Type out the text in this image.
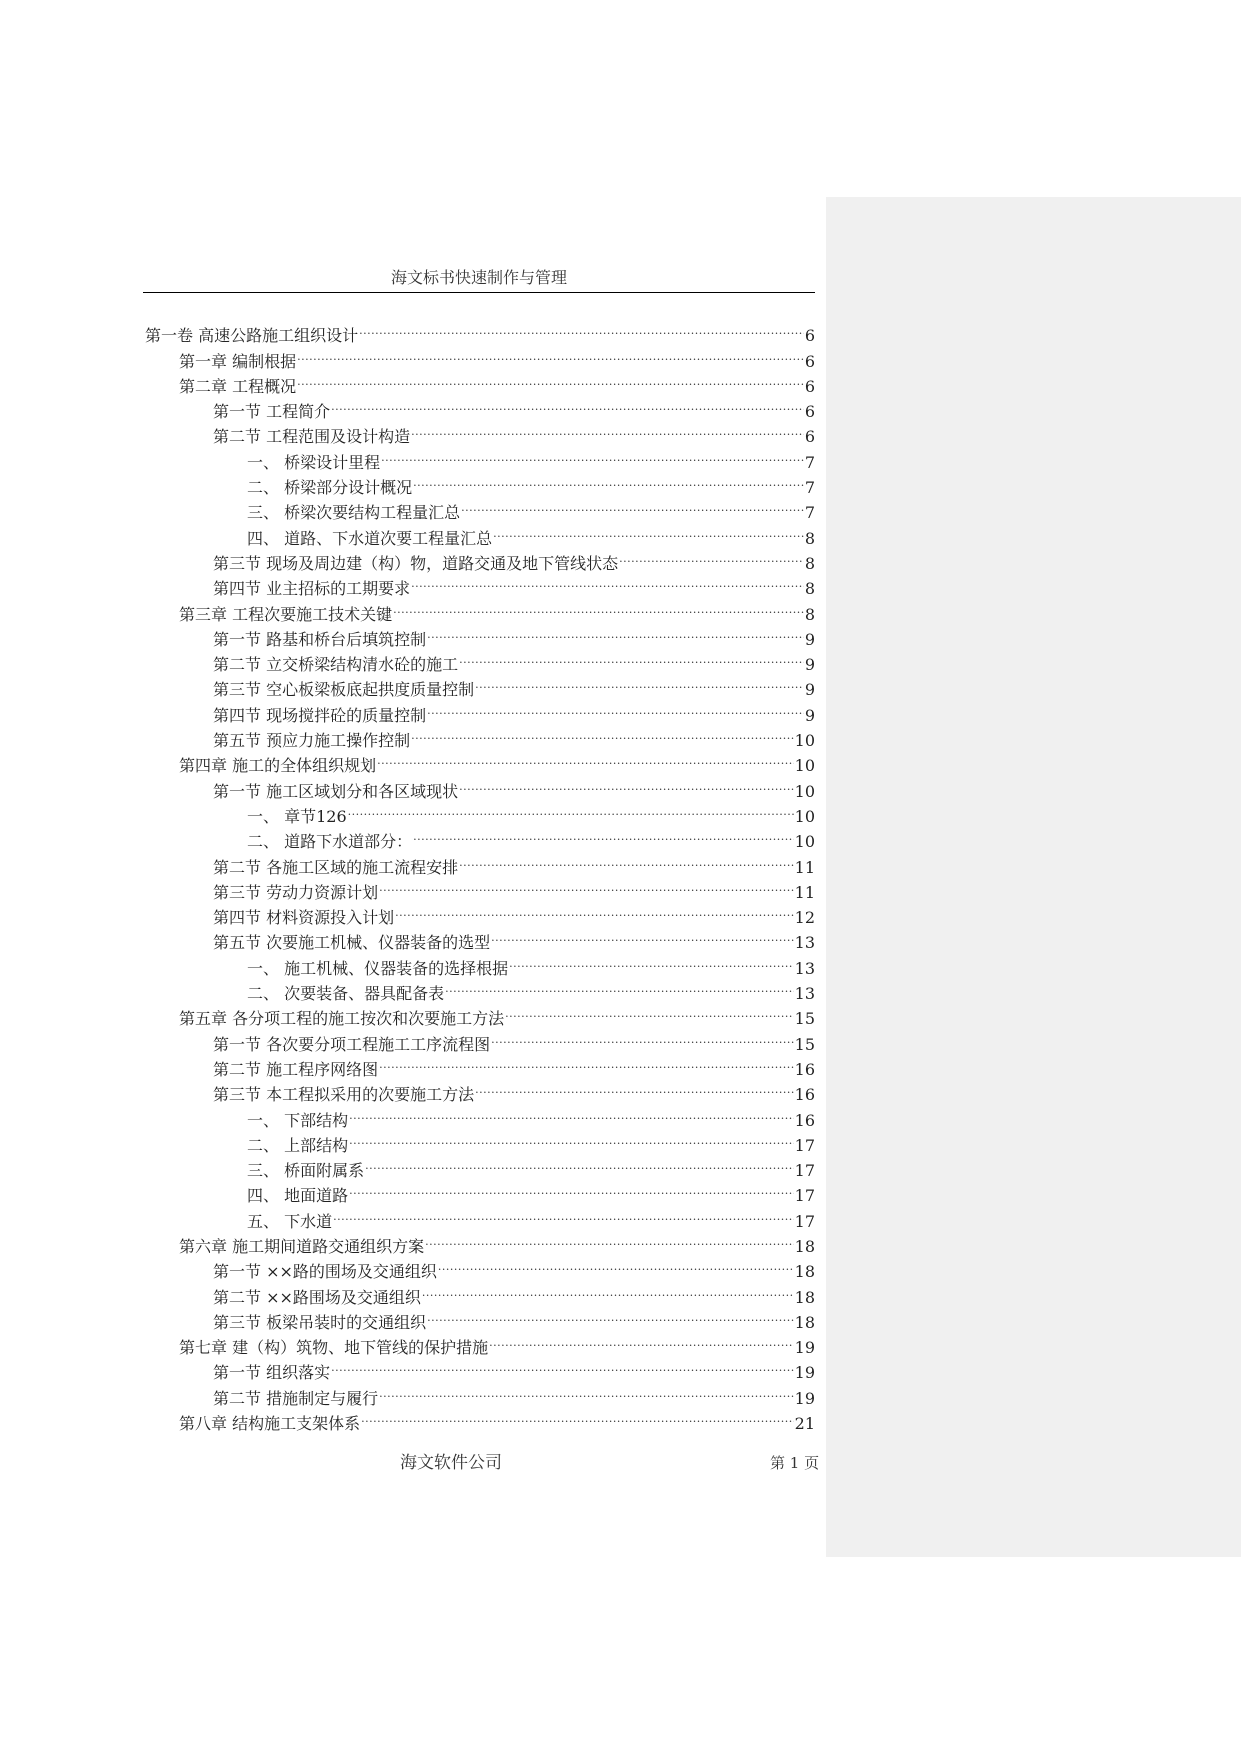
海文标书快速制作与管理
第一卷 高速公路施工组织设计 .....	6
第一章 编制根据 .....	6
第二章 工程概况 .....	6
第一节 工程简介 .....	6
第二节 工程范围及设计构造 .....	6
一、 桥梁设计里程 .....	7
二、 桥梁部分设计概况 .....	7
三、 桥梁次要结构工程量汇总 .....	7
四、 道路、下水道次要工程量汇总 .....	8
第三节 现场及周边建（构）物，道路交通及地下管线状态 .....	8
第四节 业主招标的工期要求 .....	8
第三章 工程次要施工技术关键 .....	8
第一节 路基和桥台后填筑控制 .....	9
第二节 立交桥梁结构清水砼的施工 .....	9
第三节 空心板梁板底起拱度质量控制 .....	9
第四节 现场搅拌砼的质量控制 .....	9
第五节 预应力施工操作控制 .....	10
第四章 施工的全体组织规划 .....	10
第一节 施工区域划分和各区域现状 .....	10
一、 章节126 .....	10
二、 道路下水道部分： .....	10
第二节 各施工区域的施工流程安排 .....	11
第三节 劳动力资源计划 .....	11
第四节 材料资源投入计划 .....	12
第五节 次要施工机械、仪器装备的选型 .....	13
一、 施工机械、仪器装备的选择根据 .....	13
二、 次要装备、器具配备表 .....	13
第五章 各分项工程的施工按次和次要施工方法 .....	15
第一节 各次要分项工程施工工序流程图 .....	15
第二节 施工程序网络图 .....	16
第三节 本工程拟采用的次要施工方法 .....	16
一、 下部结构 .....	16
二、 上部结构 .....	17
三、 桥面附属系 .....	17
四、 地面道路 .....	17
五、 下水道 .....	17
第六章 施工期间道路交通组织方案 .....	18
第一节 ××路的围场及交通组织 .....	18
第二节 ××路围场及交通组织 .....	18
第三节 板梁吊装时的交通组织 .....	18
第七章 建（构）筑物、地下管线的保护措施 .....	19
第一节 组织落实 .....	19
第二节 措施制定与履行 .....	19
第八章 结构施工支架体系 .....	21
海文软件公司	第 1 页
